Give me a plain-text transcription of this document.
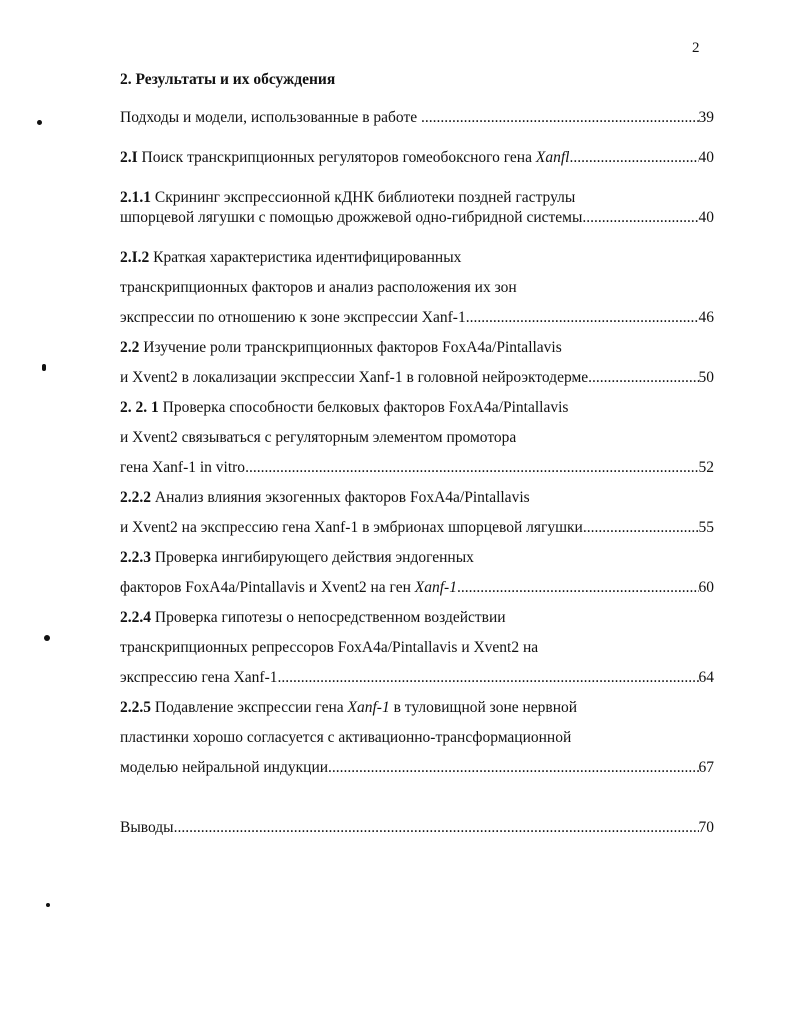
2
2. Результаты и их обсуждения
Подходы и модели, использованные в работе .....	39
2.I Поиск транскрипционных регуляторов гомеобоксного гена Xanfl .....	40
2.1.1 Скрининг экспрессионной кДНК библиотеки поздней гаструлы
шпорцевой лягушки с помощью дрожжевой одно-гибридной системы .....	40
2.I.2 Краткая характеристика идентифицированных
транскрипционных факторов и анализ расположения их зон
экспрессии по отношению к зоне экспрессии Xanf-1 .....	46
2.2 Изучение роли транскрипционных факторов FoxA4a/Pintallavis
и Xvent2 в локализации экспрессии Xanf-1 в головной нейроэктодерме .....	50
2. 2. 1 Проверка способности белковых факторов FoxA4a/Pintallavis
и Xvent2 связываться с регуляторным элементом промотора
гена Xanf-1 in vitro .....	52
2.2.2 Анализ влияния экзогенных факторов FoxA4a/Pintallavis
и Xvent2 на экспрессию гена Xanf-1 в эмбрионах шпорцевой лягушки .....	55
2.2.3 Проверка ингибирующего действия эндогенных
факторов FoxA4a/Pintallavis и Xvent2 на ген Xanf-1 .....	60
2.2.4 Проверка гипотезы о непосредственном воздействии
транскрипционных репрессоров FoxA4a/Pintallavis и Xvent2 на
экспрессию гена Xanf-1 .....	64
2.2.5 Подавление экспрессии гена Xanf-1 в туловищной зоне нервной
пластинки хорошо согласуется с активационно-трансформационной
моделью нейральной индукции .....	67
Выводы .....	70
